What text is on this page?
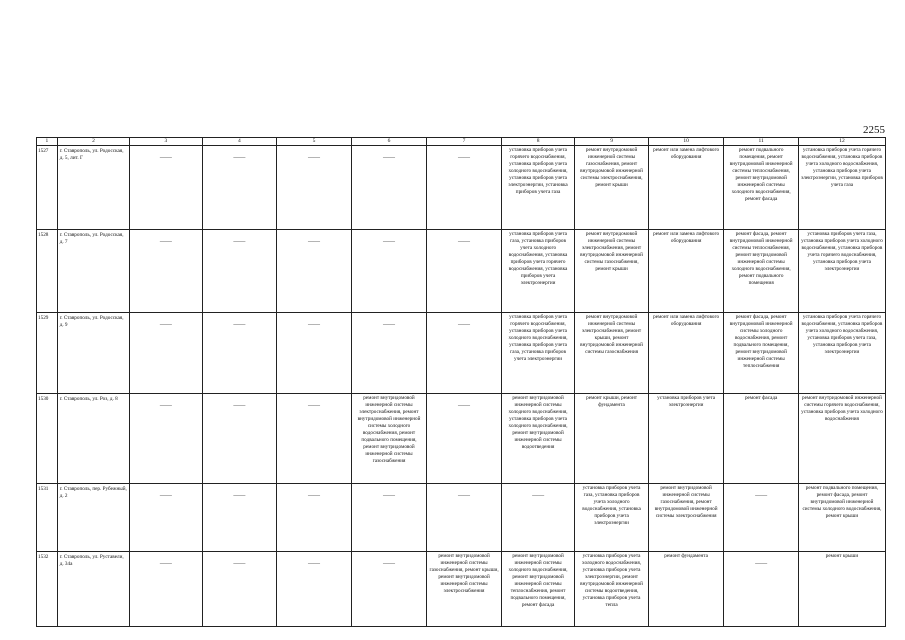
2255
1	2	3	4	5	6	7	8	9	10	11	12
1527	г. Ставрополь, ул. Родосская, д. 5, лит. Г	——	——	——	——	——	установка приборов учета горячего водоснабжения, установка приборов учета холодного водоснабжения, установка приборов учета электроэнергии, установка приборов учета газа	ремонт внутридомовой инженерной системы газоснабжения, ремонт внутридомовой инженерной системы электроснабжения, ремонт крыши	ремонт или замена лифтового оборудования	ремонт подвального помещения, ремонт внутридомовой инженерной системы теплоснабжения, ремонт внутридомовой инженерной системы холодного водоснабжения, ремонт фасада	установка приборов учета горячего водоснабжения, установка приборов учета холодного водоснабжения, установка приборов учета электроэнергии, установка приборов учета газа
1528	г. Ставрополь, ул. Родосская, д. 7	——	——	——	——	——	установка приборов учета газа, установка приборов учета холодного водоснабжения, установка приборов учета горячего водоснабжения, установка приборов учета электроэнергии	ремонт внутридомовой инженерной системы электроснабжения, ремонт внутридомовой инженерной системы газоснабжения, ремонт крыши	ремонт или замена лифтового оборудования	ремонт фасада, ремонт внутридомовой инженерной системы теплоснабжения, ремонт внутридомовой инженерной системы холодного водоснабжения, ремонт подвального помещения	установка приборов учета газа, установка приборов учета холодного водоснабжения, установка приборов учета горячего водоснабжения, установка приборов учета электроэнергии
1529	г. Ставрополь, ул. Родосская, д. 9	——	——	——	——	——	установка приборов учета горячего водоснабжения, установка приборов учета холодного водоснабжения, установка приборов учета газа, установка приборов учета электроэнергии	ремонт внутридомовой инженерной системы электроснабжения, ремонт крыши, ремонт внутридомовой инженерной системы газоснабжения	ремонт или замена лифтового оборудования	ремонт фасада, ремонт внутридомовой инженерной системы холодного водоснабжения, ремонт подвального помещения, ремонт внутридомовой инженерной системы теплоснабжения	установка приборов учета горячего водоснабжения, установка приборов учета холодного водоснабжения, установка приборов учета газа, установка приборов учета электроэнергии
1530	г. Ставрополь, ул. Роз, д. 8	——	——	——	ремонт внутридомовой инженерной системы электроснабжения, ремонт внутридомовой инженерной системы холодного водоснабжения, ремонт подвального помещения, ремонт внутридомовой инженерной системы газоснабжения	——	ремонт внутридомовой инженерной системы холодного водоснабжения, установка приборов учета холодного водоснабжения, ремонт внутридомовой инженерной системы водоотведения	ремонт крыши, ремонт фундамента	установка приборов учета электроэнергии	ремонт фасада	ремонт внутридомовой инженерной системы горячего водоснабжения, установка приборов учета холодного водоснабжения
1531	г. Ставрополь, пер. Рубежный, д. 2	——	——	——	——	——	——	установка приборов учета газа, установка приборов учета холодного водоснабжения, установка приборов учета электроэнергии	ремонт внутридомовой инженерной системы газоснабжения, ремонт внутридомовой инженерной системы электроснабжения	——	ремонт подвального помещения, ремонт фасада, ремонт внутридомовой инженерной системы холодного водоснабжения, ремонт крыши
1532	г. Ставрополь, ул. Руставели, д. 34а	——	——	——	——	ремонт внутридомовой инженерной системы газоснабжения, ремонт крыши, ремонт внутридомовой инженерной системы электроснабжения	ремонт внутридомовой инженерной системы холодного водоснабжения, ремонт внутридомовой инженерной системы теплоснабжения, ремонт подвального помещения, ремонт фасада	установка приборов учета холодного водоснабжения, установка приборов учета электроэнергии, ремонт внутридомовой инженерной системы водоотведения, установка приборов учета тепла	ремонт фундамента	——	ремонт крыши
